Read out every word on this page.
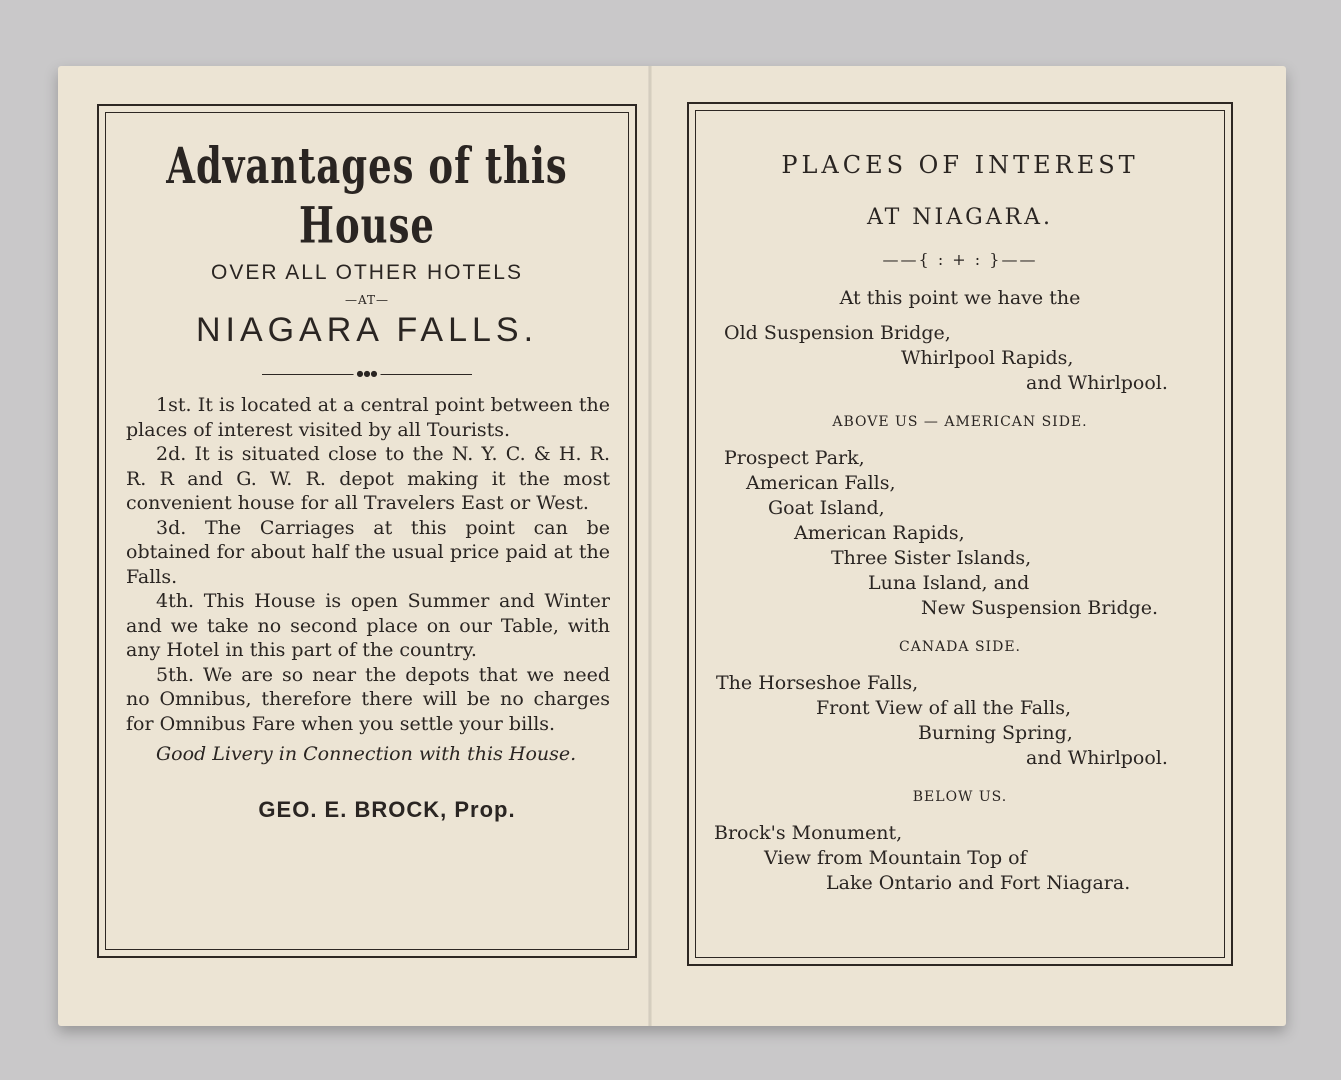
Advantages of this House
OVER ALL OTHER HOTELS
—AT—
NIAGARA FALLS.
●●●
1st. It is located at a central point between the places of interest visited by all Tourists.
2d. It is situated close to the N. Y. C. & H. R. R. R and G. W. R. depot making it the most convenient house for all Travelers East or West.
3d. The Carriages at this point can be obtained for about half the usual price paid at the Falls.
4th. This House is open Summer and Winter and we take no second place on our Table, with any Hotel in this part of the country.
5th. We are so near the depots that we need no Omnibus, therefore there will be no charges for Omnibus Fare when you settle your bills.
Good Livery in Connection with this House.
GEO. E. BROCK, Prop.
PLACES OF INTEREST
AT NIAGARA.
——{ : + : }——
At this point we have the
Old Suspension Bridge,
Whirlpool Rapids,
and Whirlpool.
ABOVE US — AMERICAN SIDE.
Prospect Park,
American Falls,
Goat Island,
American Rapids,
Three Sister Islands,
Luna Island, and
New Suspension Bridge.
CANADA SIDE.
The Horseshoe Falls,
Front View of all the Falls,
Burning Spring,
and Whirlpool.
BELOW US.
Brock's Monument,
View from Mountain Top of
Lake Ontario and Fort Niagara.
